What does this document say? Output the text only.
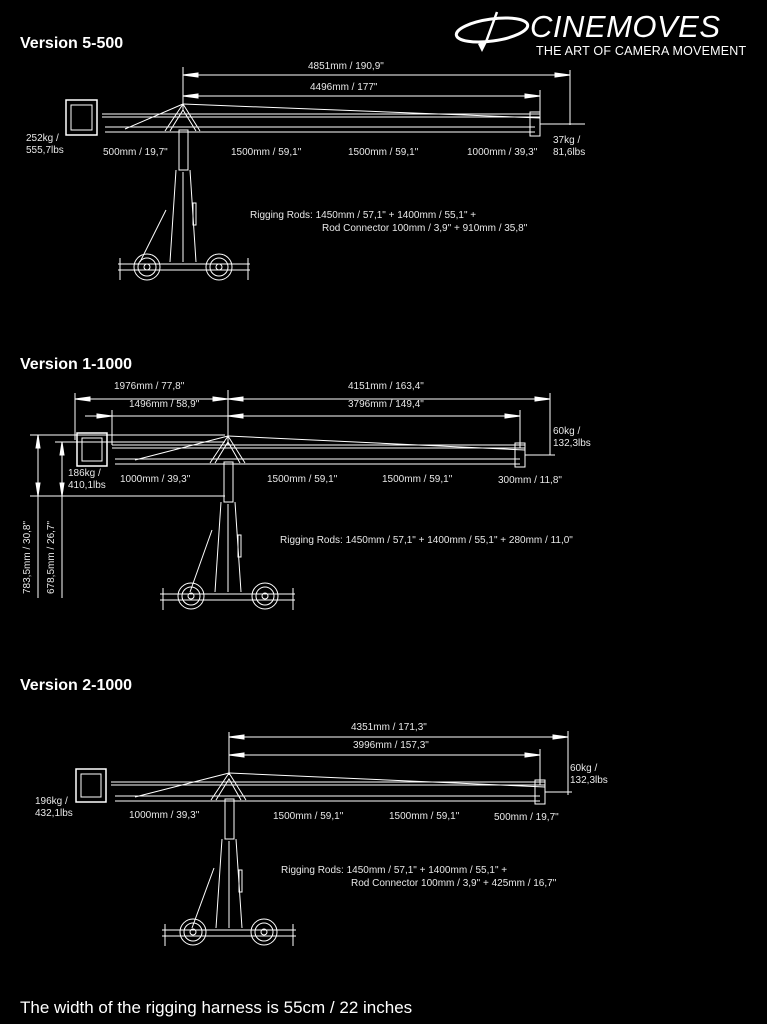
CINEMOVES
THE ART OF CAMERA MOVEMENT
Version 5-500
4851mm / 190,9"
4496mm / 177"
252kg /
555,7lbs	500mm / 19,7"	1500mm / 59,1"	1500mm / 59,1"	1000mm / 39,3"
37kg /
81,6lbs
Rigging Rods: 1450mm / 57,1" + 1400mm / 55,1" +
Rod Connector 100mm / 3,9" + 910mm / 35,8"
Version 1-1000
1976mm / 77,8"
1496mm / 58,9"
4151mm / 163,4"
3796mm / 149,4"
186kg /
410,1lbs
1000mm / 39,3"	1500mm / 59,1"	1500mm / 59,1"	300mm / 11,8"
60kg /
132,3lbs
783,5mm / 30,8" 678,5mm / 26,7"	Rigging Rods: 1450mm / 57,1" + 1400mm / 55,1" + 280mm / 11,0"
Version 2-1000
4351mm / 171,3"
3996mm / 157,3"
196kg /
432,1lbs	1000mm / 39,3"	1500mm / 59,1"	1500mm / 59,1"	500mm / 19,7"
60kg /
132,3lbs
Rigging Rods: 1450mm / 57,1" + 1400mm / 55,1" +
Rod Connector 100mm / 3,9" + 425mm / 16,7"
The width of the rigging harness is 55cm / 22 inches
